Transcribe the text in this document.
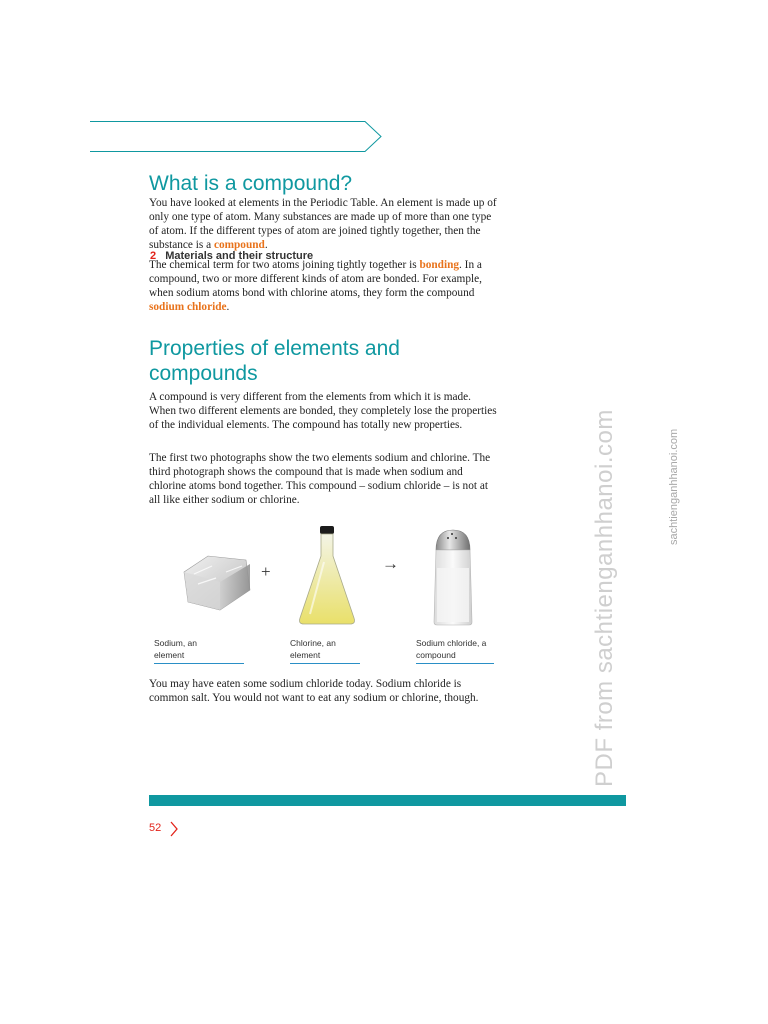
2 Materials and their structure
What is a compound?

You have looked at elements in the Periodic Table. An element is made up of only one type of atom. Many substances are made up of more than one type of atom. If the different types of atom are joined tightly together, then the substance is a compound.

The chemical term for two atoms joining tightly together is bonding. In a compound, two or more different kinds of atom are bonded. For example, when sodium atoms bond with chlorine atoms, they form the compound sodium chloride.

Properties of elements and compounds

A compound is very different from the elements from which it is made. When two different elements are bonded, they completely lose the properties of the individual elements. The compound has totally new properties.

The first two photographs show the two elements sodium and chlorine. The third photograph shows the compound that is made when sodium and chlorine atoms bond together. This compound – sodium chloride – is not at all like either sodium or chlorine.

+	→
Sodium, an
element
Chlorine, an
element
Sodium chloride, a
compound

You may have eaten some sodium chloride today. Sodium chloride is common salt. You would not want to eat any sodium or chlorine, though.	PDF from sachtienganhhanoi.com	sachtienganhhanoi.com
52
